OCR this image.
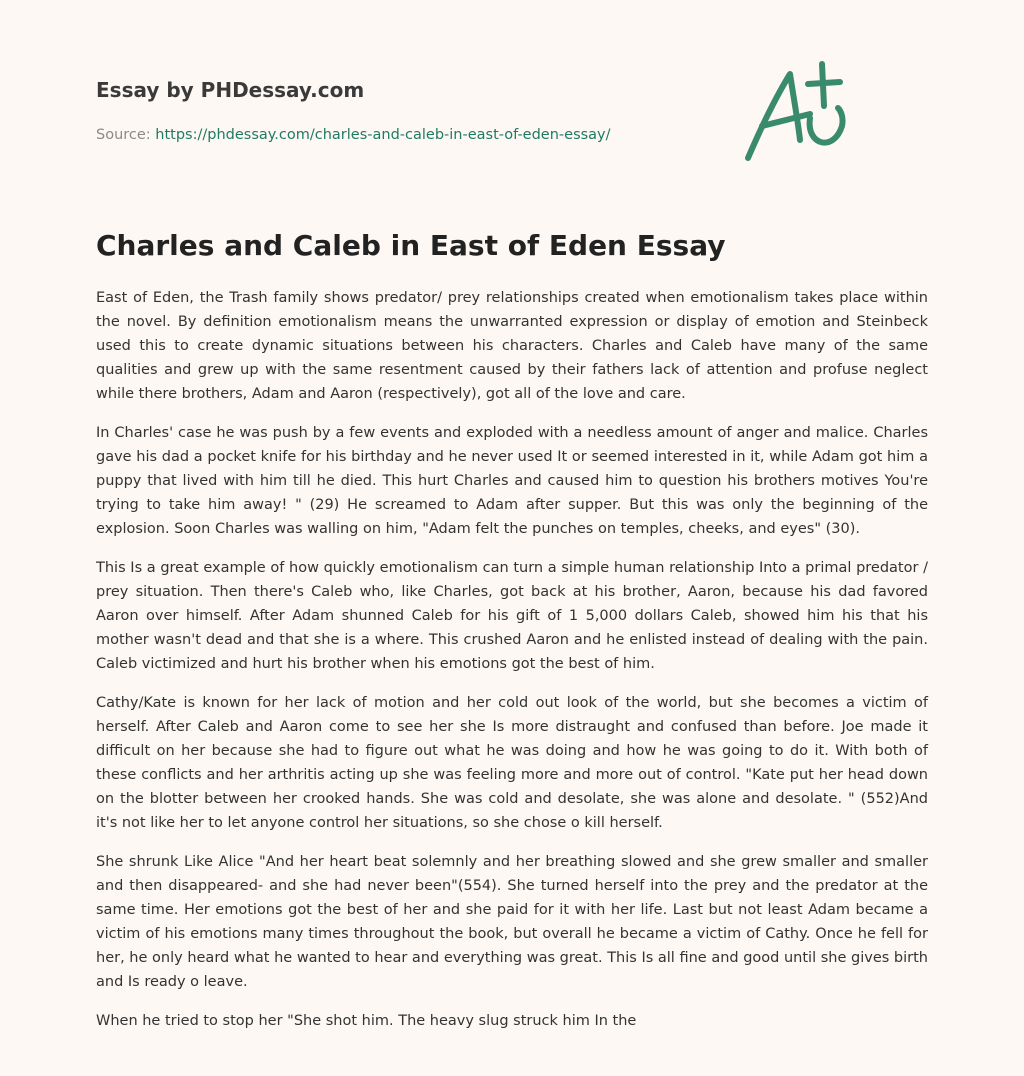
Essay by PHDessay.com
Source: https://phdessay.com/charles-and-caleb-in-east-of-eden-essay/
Charles and Caleb in East of Eden Essay

East of Eden, the Trash family shows predator/ prey relationships created when emotionalism takes place within the novel. By definition emotionalism means the unwarranted expression or display of emotion and Steinbeck used this to create dynamic situations between his characters. Charles and Caleb have many of the same qualities and grew up with the same resentment caused by their fathers lack of attention and profuse neglect while there brothers, Adam and Aaron (respectively), got all of the love and care.

In Charles' case he was push by a few events and exploded with a needless amount of anger and malice. Charles gave his dad a pocket knife for his birthday and he never used It or seemed interested in it, while Adam got him a puppy that lived with him till he died. This hurt Charles and caused him to question his brothers motives You're trying to take him away! " (29) He screamed to Adam after supper. But this was only the beginning of the explosion. Soon Charles was walling on him, "Adam felt the punches on temples, cheeks, and eyes" (30).

This Is a great example of how quickly emotionalism can turn a simple human relationship Into a primal predator / prey situation. Then there's Caleb who, like Charles, got back at his brother, Aaron, because his dad favored Aaron over himself. After Adam shunned Caleb for his gift of 1 5,000 dollars Caleb, showed him his that his mother wasn't dead and that she is a where. This crushed Aaron and he enlisted instead of dealing with the pain. Caleb victimized and hurt his brother when his emotions got the best of him.

Cathy/Kate is known for her lack of motion and her cold out look of the world, but she becomes a victim of herself. After Caleb and Aaron come to see her she Is more distraught and confused than before. Joe made it difficult on her because she had to figure out what he was doing and how he was going to do it. With both of these conflicts and her arthritis acting up she was feeling more and more out of control. "Kate put her head down on the blotter between her crooked hands. She was cold and desolate, she was alone and desolate. " (552)And it's not like her to let anyone control her situations, so she chose o kill herself.

She shrunk Like Alice "And her heart beat solemnly and her breathing slowed and she grew smaller and smaller and then disappeared- and she had never been"(554). She turned herself into the prey and the predator at the same time. Her emotions got the best of her and she paid for it with her life. Last but not least Adam became a victim of his emotions many times throughout the book, but overall he became a victim of Cathy. Once he fell for her, he only heard what he wanted to hear and everything was great. This Is all fine and good until she gives birth and Is ready o leave.

When he tried to stop her "She shot him. The heavy slug struck him In the
